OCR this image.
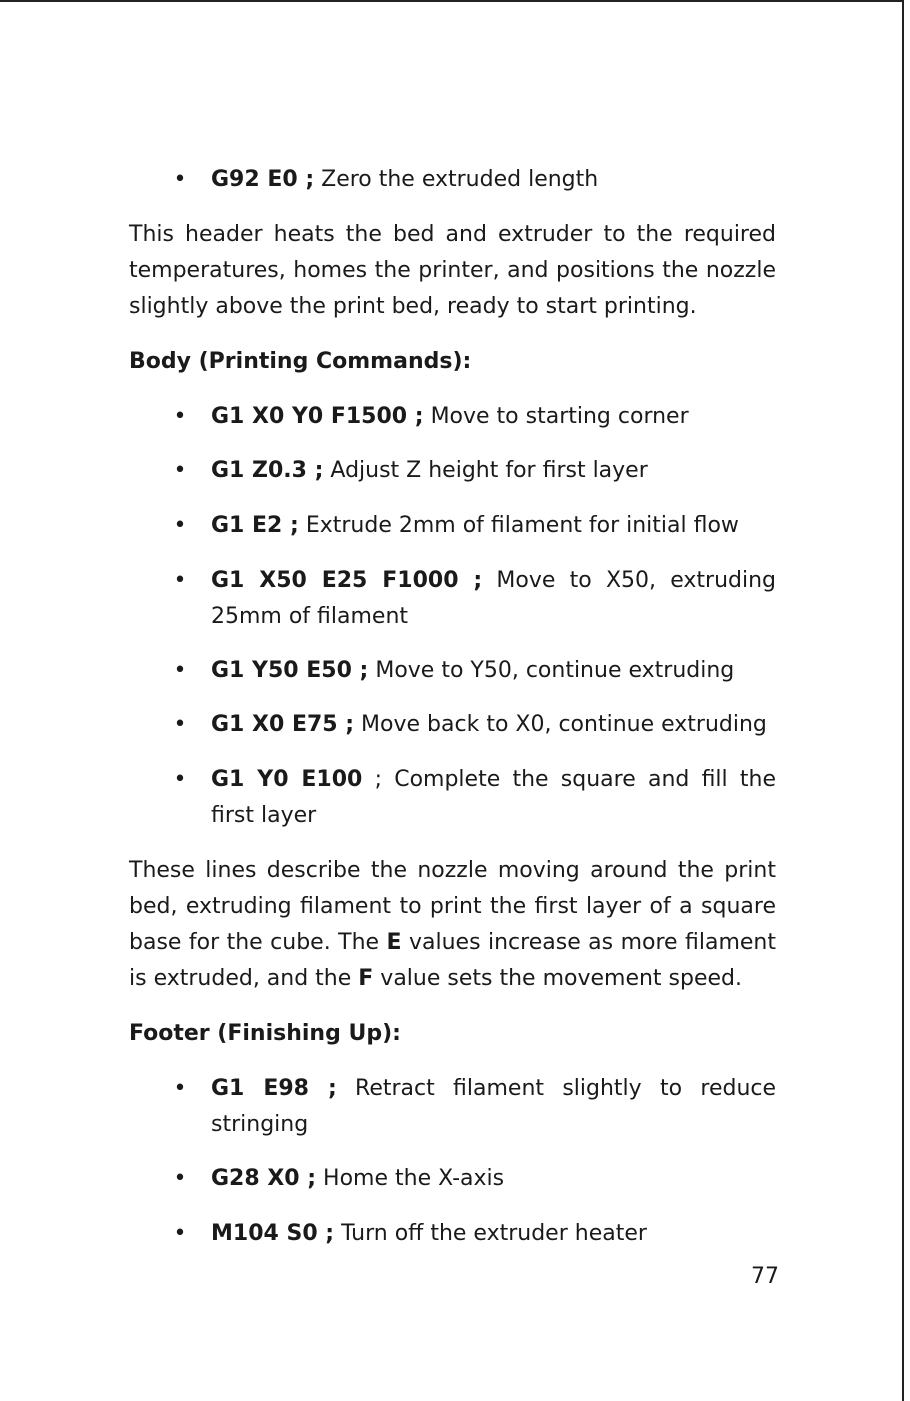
• G92 E0 ; Zero the extruded length

This header heats the bed and extruder to the required temperatures, homes the printer, and positions the nozzle slightly above the print bed, ready to start printing.

Body (Printing Commands):

• G1 X0 Y0 F1500 ; Move to starting corner
• G1 Z0.3 ; Adjust Z height for first layer
• G1 E2 ; Extrude 2mm of filament for initial flow
• G1 X50 E25 F1000 ; Move to X50, extruding 25mm of filament
• G1 Y50 E50 ; Move to Y50, continue extruding
• G1 X0 E75 ; Move back to X0, continue extruding
• G1 Y0 E100 ; Complete the square and fill the first layer

These lines describe the nozzle moving around the print bed, extruding filament to print the first layer of a square base for the cube. The E values increase as more filament is extruded, and the F value sets the movement speed.

Footer (Finishing Up):

• G1 E98 ; Retract filament slightly to reduce stringing
• G28 X0 ; Home the X-axis
• M104 S0 ; Turn off the extruder heater
77
